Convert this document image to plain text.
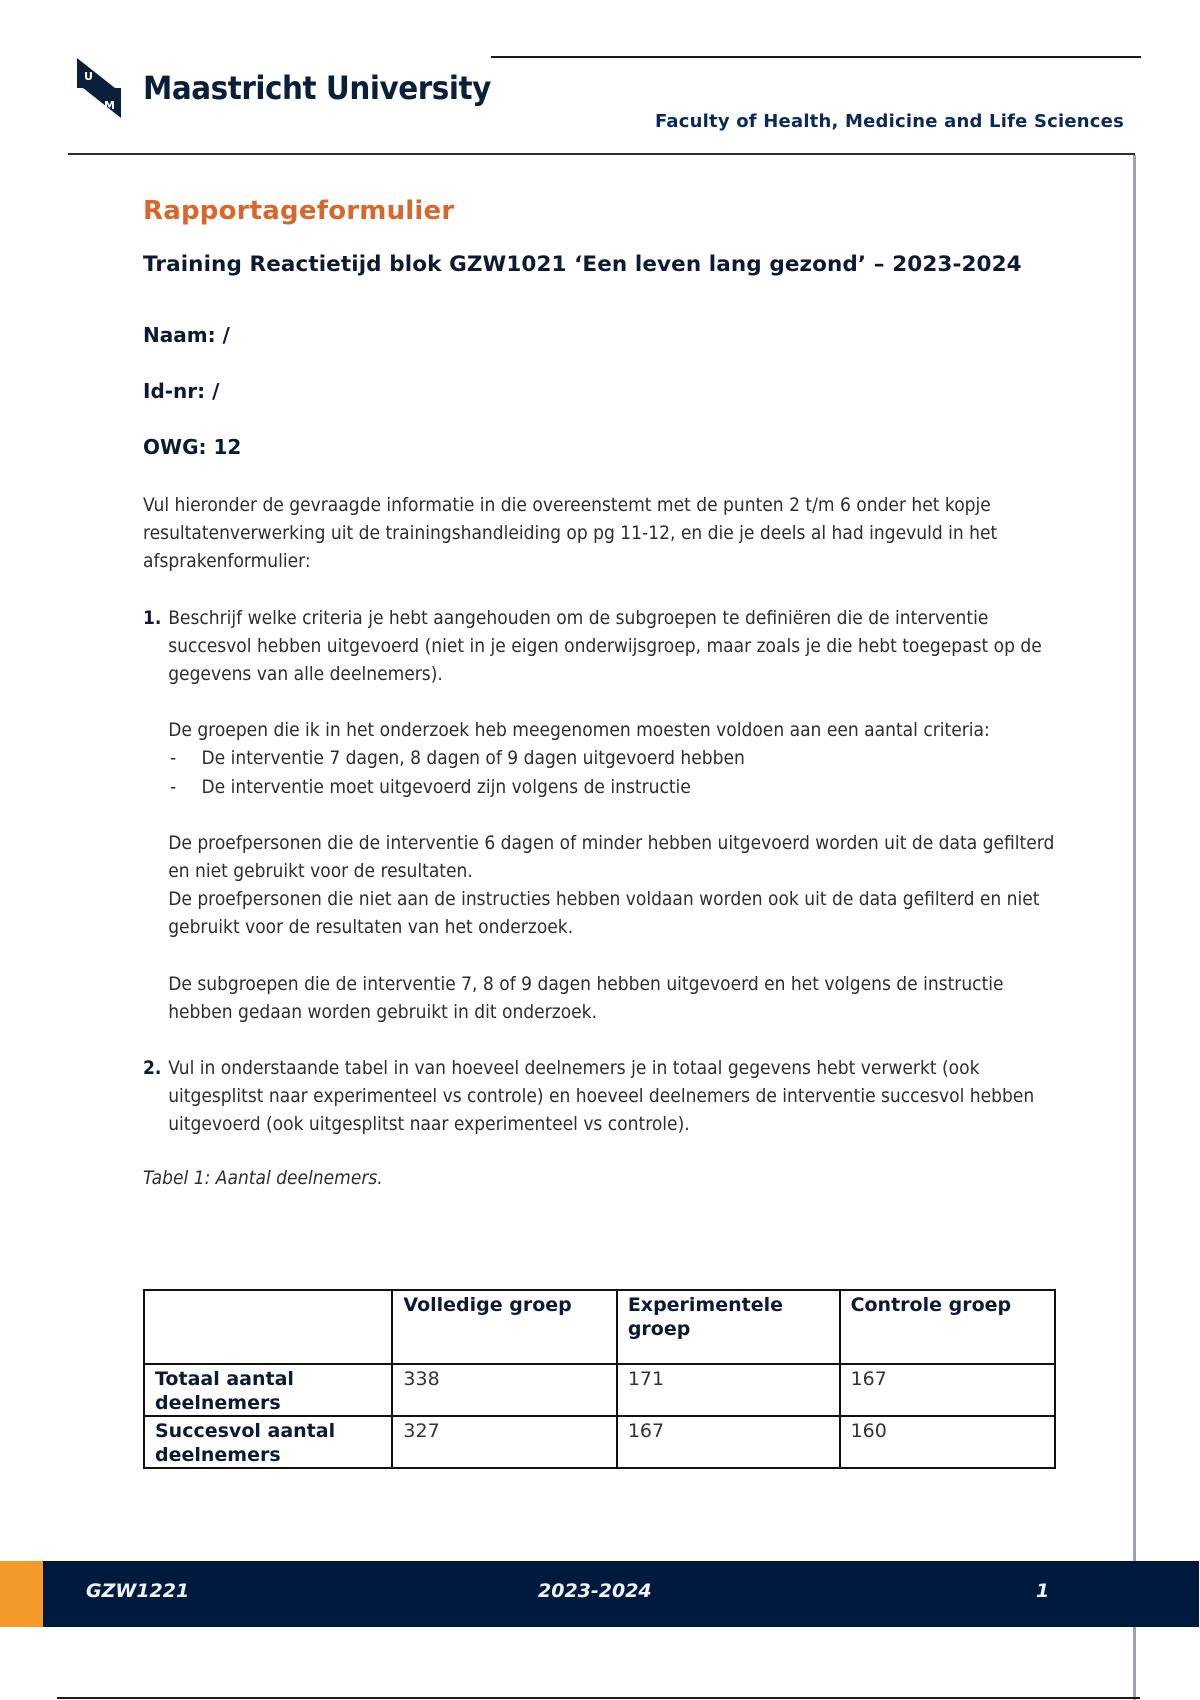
U
M Maastricht University
Faculty of Health, Medicine and Life Sciences
Rapportageformulier
Training Reactietijd blok GZW1021 ‘Een leven lang gezond’ – 2023-2024
Naam: /
Id-nr: /
OWG: 12
Vul hieronder de gevraagde informatie in die overeenstemt met de punten 2 t/m 6 onder het kopje resultatenverwerking uit de trainingshandleiding op pg 11-12, en die je deels al had ingevuld in het afsprakenformulier:
1. Beschrijf welke criteria je hebt aangehouden om de subgroepen te definiëren die de interventie succesvol hebben uitgevoerd (niet in je eigen onderwijsgroep, maar zoals je die hebt toegepast op de gegevens van alle deelnemers).
De groepen die ik in het onderzoek heb meegenomen moesten voldoen aan een aantal criteria:
-	De interventie 7 dagen, 8 dagen of 9 dagen uitgevoerd hebben
-	De interventie moet uitgevoerd zijn volgens de instructie
De proefpersonen die de interventie 6 dagen of minder hebben uitgevoerd worden uit de data gefilterd en niet gebruikt voor de resultaten.
De proefpersonen die niet aan de instructies hebben voldaan worden ook uit de data gefilterd en niet gebruikt voor de resultaten van het onderzoek.
De subgroepen die de interventie 7, 8 of 9 dagen hebben uitgevoerd en het volgens de instructie hebben gedaan worden gebruikt in dit onderzoek.
2. Vul in onderstaande tabel in van hoeveel deelnemers je in totaal gegevens hebt verwerkt (ook uitgesplitst naar experimenteel vs controle) en hoeveel deelnemers de interventie succesvol hebben uitgevoerd (ook uitgesplitst naar experimenteel vs controle).
Tabel 1: Aantal deelnemers.
	Volledige groep	Experimentele groep	Controle groep
Totaal aantal deelnemers	338	171	167
Succesvol aantal deelnemers	327	167	160
GZW1221	2023-2024	1
